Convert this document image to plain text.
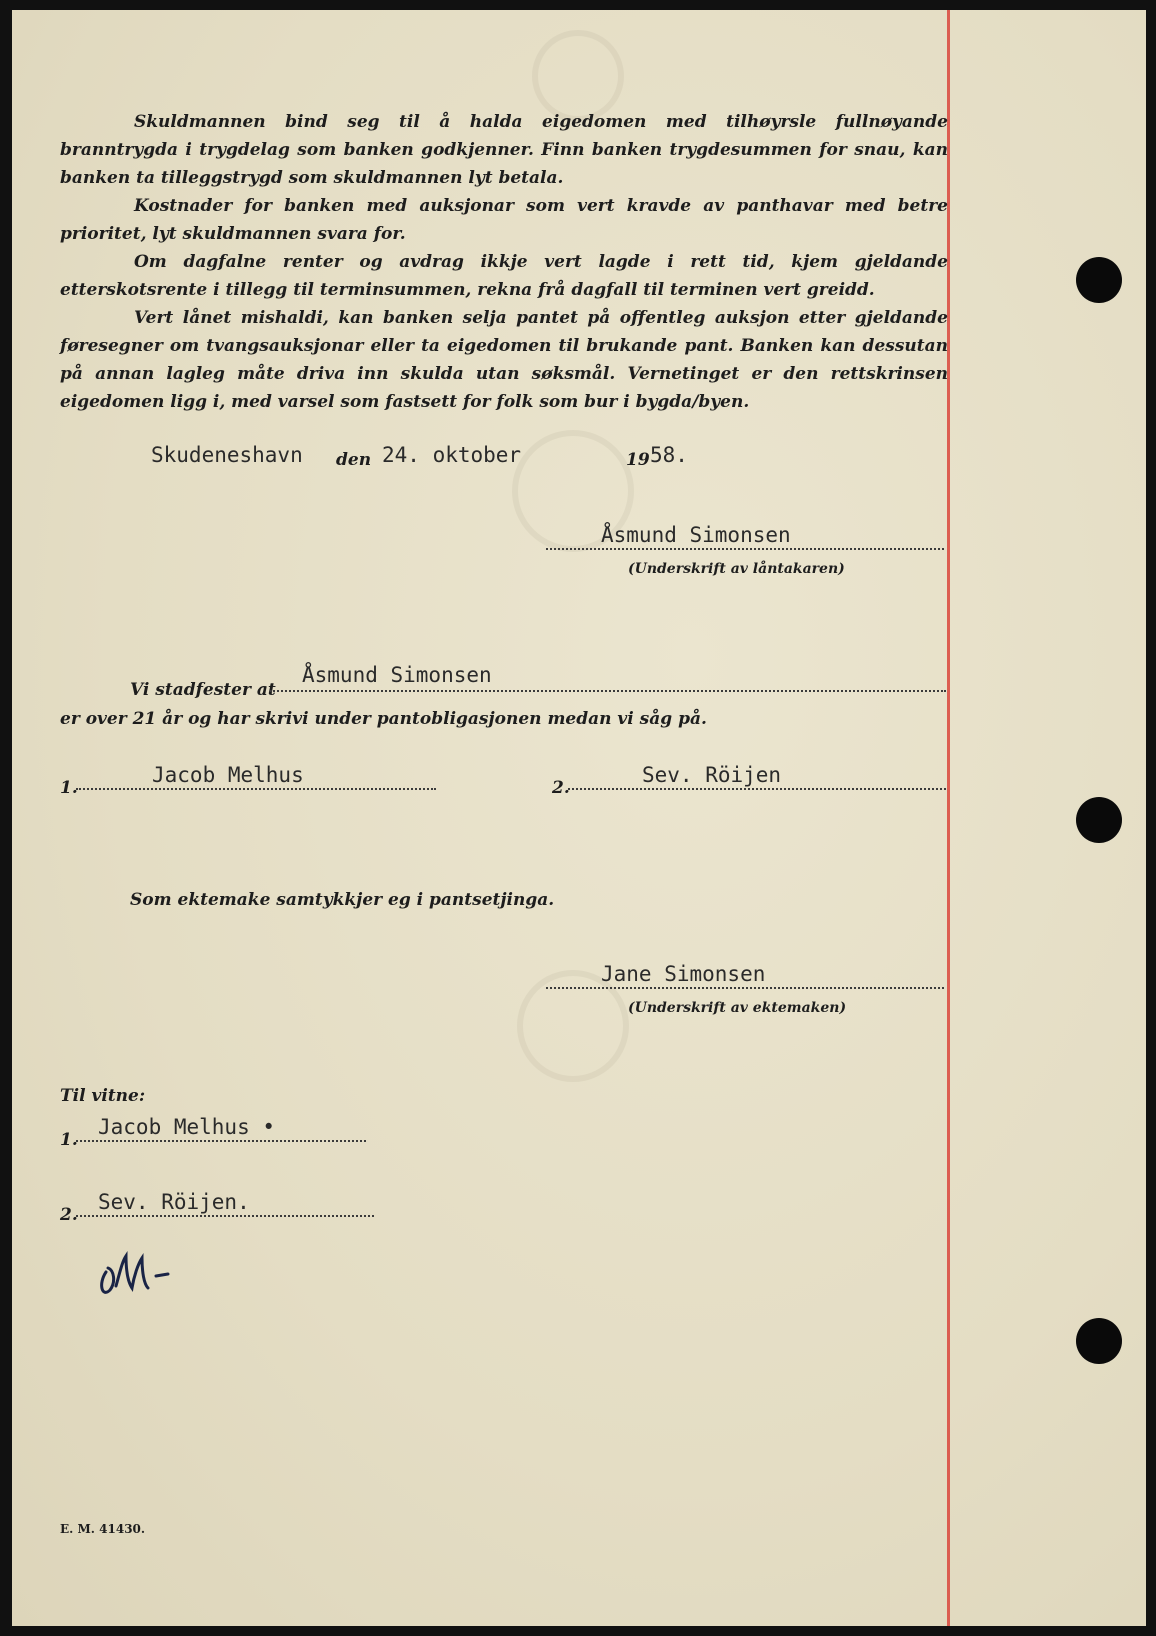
Skuldmannen bind seg til å halda eigedomen med tilhøyrsle fullnøyande branntrygda i trygdelag som banken godkjenner. Finn banken trygdesummen for snau, kan banken ta tilleggstrygd som skuldmannen lyt betala.

Kostnader for banken med auksjonar som vert kravde av panthavar med betre prioritet, lyt skuldmannen svara for.

Om dagfalne renter og avdrag ikkje vert lagde i rett tid, kjem gjeldande etterskotsrente i tillegg til terminsummen, rekna frå dagfall til terminen vert greidd.

Vert lånet mishaldi, kan banken selja pantet på offentleg auksjon etter gjeldande føresegner om tvangsauksjonar eller ta eigedomen til brukande pant. Banken kan dessutan på annan lagleg måte driva inn skulda utan søksmål. Vernetinget er den rettskrinsen eigedomen ligg i, med varsel som fastsett for folk som bur i bygda/byen.

Skudeneshavn den 24. oktober	19 58.
Åsmund Simonsen
(Underskrift av låntakaren)
Vi stadfester at
Åsmund Simonsen
er over 21 år og har skrivi under pantobligasjonen medan vi såg på.
1.
Jacob Melhus
2.
Sev. Röijen
Som ektemake samtykkjer eg i pantsetjinga.
Jane Simonsen
(Underskrift av ektemaken)
Til vitne:
1.
Jacob Melhus •
2.
Sev. Röijen.
E. M. 41430.
